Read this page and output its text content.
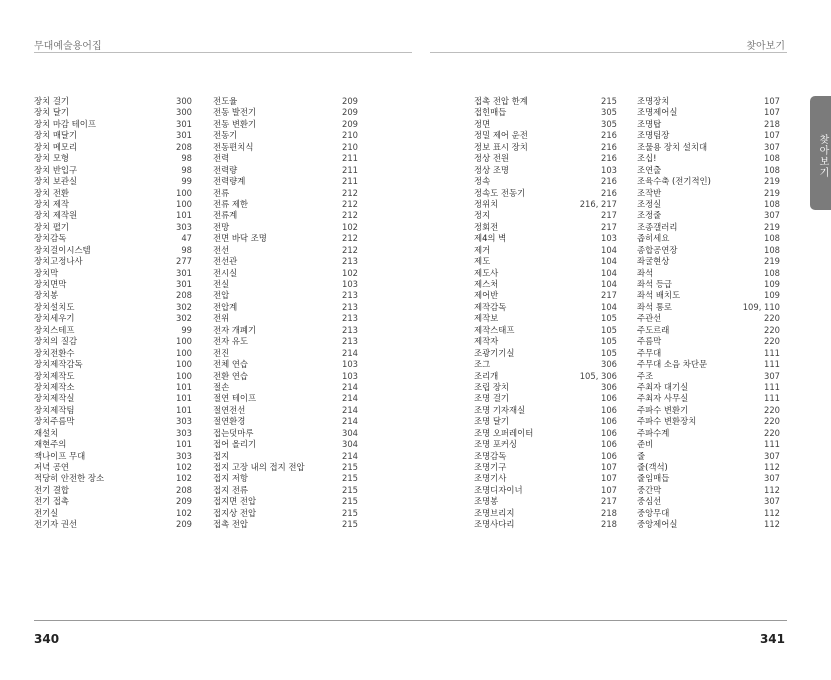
무대예술용어집	찾아보기
장치 걸기	300
장치 달기	300
장치 마감 테이프	301
장치 매달기	301
장치 메모리	208
장치 모형	98
장치 반입구	98
장치 보관실	99
장치 전환	100
장치 제작	100
장치 제작원	101
장치 펼기	303
장치감독	47
장치걸이시스템	98
장치고정나사	277
장치막	301
장치면막	301
장치봉	208
장치설치도	302
장치세우기	302
장치스테프	99
장치의 질감	100
장치전환수	100
장치제작감독	100
장치제작도	100
장치제작소	101
장치제작실	101
장치제작팀	101
장치주름막	303
재설치	303
재현주의	101
잭나이프 무대	303
저녁 공연	102
적당히 안전한 장소	102
전기 결합	208
전기 접촉	209
전기실	102
전기자 권선	209
전도율	209
전동 발전기	209
전동 변환기	209
전동기	210
전동편치식	210
전력	211
전력량	211
전력량계	211
전류	212
전류 제한	212
전류계	212
전망	102
전면 바닥 조명	212
전선	212
전선관	213
전시실	102
전실	103
전압	213
전압계	213
전위	213
전자 개폐기	213
전자 유도	213
전진	214
전체 연습	103
전환 연습	103
절손	214
절연 테이프	214
절연전선	214
절연환경	214
접는덧마루	304
접어 올리기	304
접지	214
접지 고장 내의 접지 전압	215
접지 저항	215
접지 전류	215
접지면 전압	215
접지상 전압	215
접촉 전압	215
접촉 전압 한계	215
접힌매듭	305
정면	305
정밀 제어 운전	216
정보 표시 장치	216
정상 전원	216
정상 조명	103
정속	216
정속도 전동기	216
정위치	216, 217
정지	217
정회전	217
제4의 벽	103
제거	104
제도	104
제도사	104
제스처	104
제어반	217
제작감독	104
제작보	105
제작스태프	105
제작자	105
조광기기실	105
조그	306
조리개	105, 306
조립 장치	306
조명 걸기	106
조명 기자재실	106
조명 달기	106
조명 오퍼레이터	106
조명 포커싱	106
조명감독	106
조명기구	107
조명기사	107
조명디자이너	107
조명봉	217
조명브리지	218
조명사다리	218
조명장치	107
조명제어실	107
조명탑	218
조명팀장	107
조물용 장치 설치대	307
조십!	108
조연출	108
조육수축 (전기적인)	219
조작반	219
조정실	108
조정줄	307
조종갤러리	219
좁히세요	108
종합공연장	108
좌굴현상	219
좌석	108
좌석 등급	109
좌석 배치도	109
좌석 통로	109, 110
주관선	220
주도르래	220
주름막	220
주무대	111
주무대 소음 차단문	111
주조	307
주최자 대기실	111
주최자 사무실	111
주파수 변환기	220
주파수 변환장치	220
주파수계	220
준비	111
줄	307
줄(객석)	112
줄임매듭	307
중간막	112
중심선	307
중앙무대	112
중앙제어실	112
찾아보기
340	341
